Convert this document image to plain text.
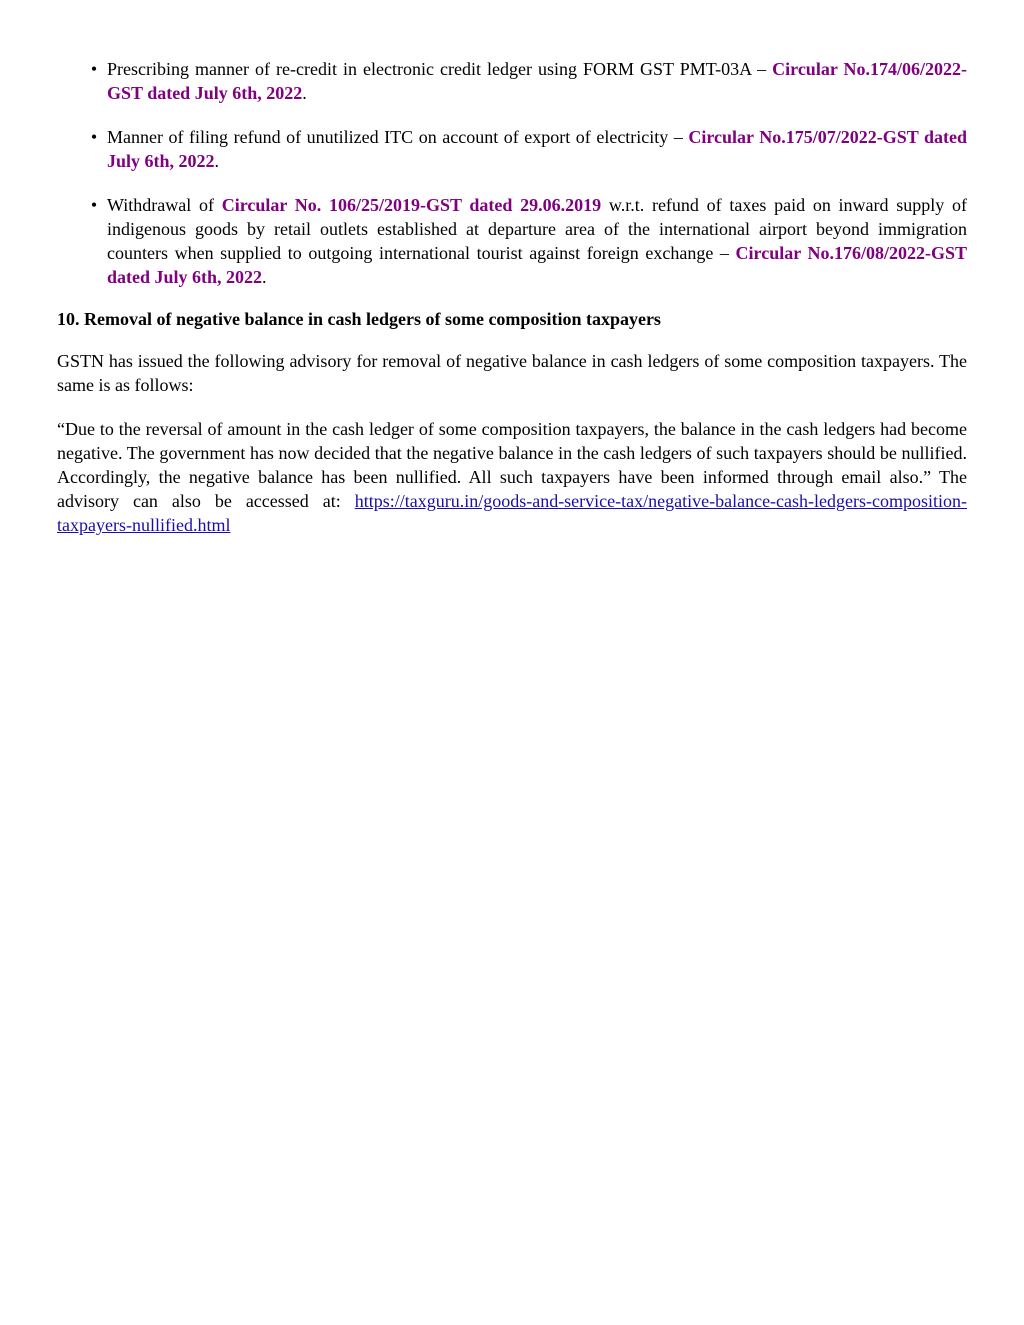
• Prescribing manner of re-credit in electronic credit ledger using FORM GST PMT-03A – Circular No.174/06/2022-GST dated July 6th, 2022.
• Manner of filing refund of unutilized ITC on account of export of electricity – Circular No.175/07/2022-GST dated July 6th, 2022.
• Withdrawal of Circular No. 106/25/2019-GST dated 29.06.2019 w.r.t. refund of taxes paid on inward supply of indigenous goods by retail outlets established at departure area of the international airport beyond immigration counters when supplied to outgoing international tourist against foreign exchange – Circular No.176/08/2022-GST dated July 6th, 2022.
10. Removal of negative balance in cash ledgers of some composition taxpayers

GSTN has issued the following advisory for removal of negative balance in cash ledgers of some composition taxpayers. The same is as follows:

“Due to the reversal of amount in the cash ledger of some composition taxpayers, the balance in the cash ledgers had become negative. The government has now decided that the negative balance in the cash ledgers of such taxpayers should be nullified. Accordingly, the negative balance has been nullified. All such taxpayers have been informed through email also.” The advisory can also be accessed at: https://taxguru.in/goods-and-service-tax/negative-balance-cash-ledgers-composition-taxpayers-nullified.html
